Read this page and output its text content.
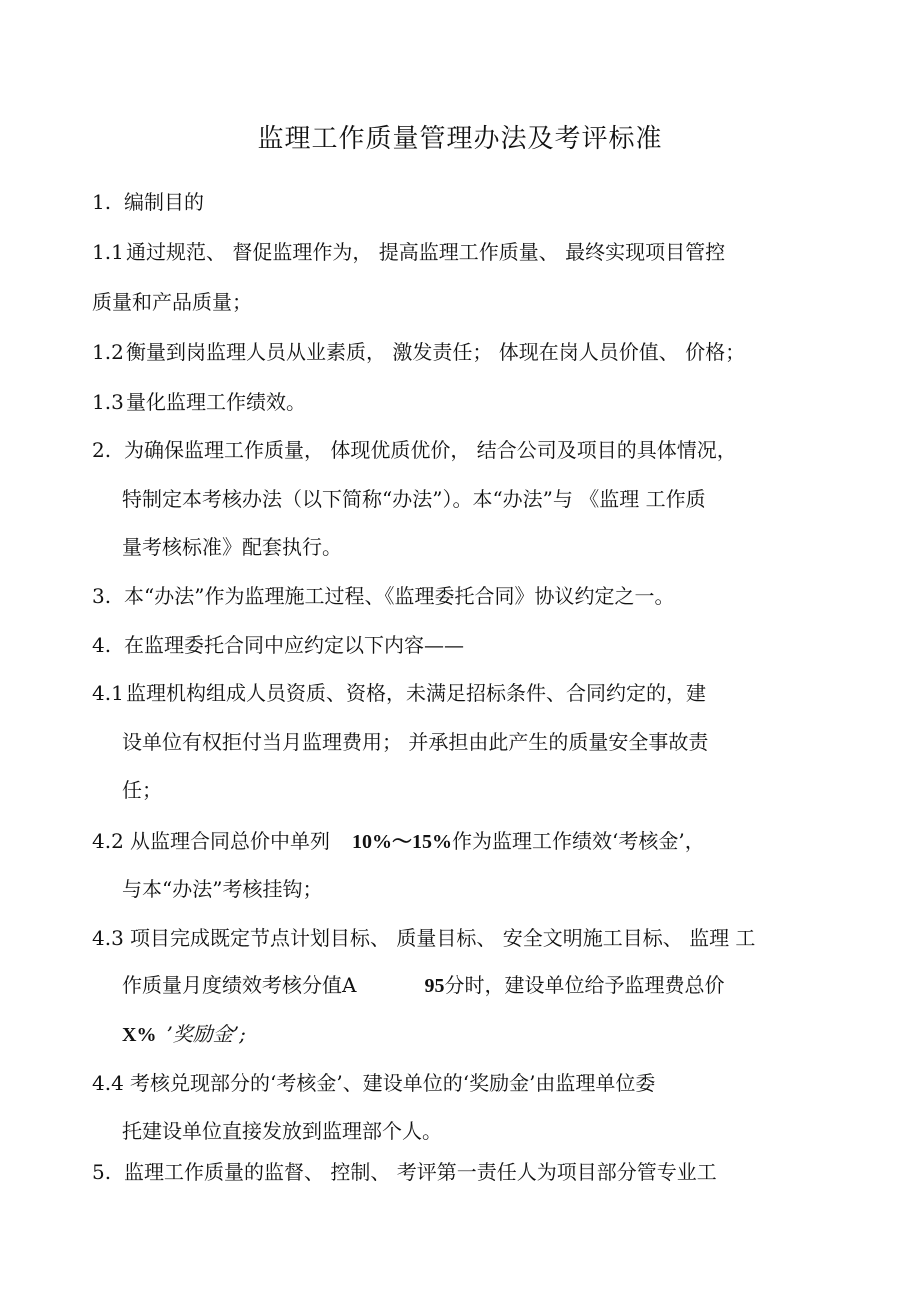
监理工作质量管理办法及考评标准
1. 编制目的
1.1 通过规范、 督促监理作为， 提高监理工作质量、 最终实现项目管控
质量和产品质量；
1.2 衡量到岗监理人员从业素质， 激发责任； 体现在岗人员价值、 价格；
1.3 量化监理工作绩效。
2. 为确保监理工作质量， 体现优质优价， 结合公司及项目的具体情况，
特制定本考核办法（以下简称“办法”）。本“办法”与 《监理 工作质
量考核标准》配套执行。
3. 本“办法”作为监理施工过程、《监理委托合同》协议约定之一。
4. 在监理委托合同中应约定以下内容——
4.1 监理机构组成人员资质、资格，未满足招标条件、合同约定的，建
设单位有权拒付当月监理费用； 并承担由此产生的质量安全事故责
任；
4.2 从监理合同总价中单列 10%～15%作为监理工作绩效‘考核金’，
与本“办法”考核挂钩；
4.3 项目完成既定节点计划目标、 质量目标、 安全文明施工目标、 监理 工
作质量月度绩效考核分值A	95分时，建设单位给予监理费总价
X% ’奖励金’;
4.4 考核兑现部分的‘考核金’、建设单位的‘奖励金’由监理单位委
托建设单位直接发放到监理部个人。
5. 监理工作质量的监督、 控制、 考评第一责任人为项目部分管专业工
